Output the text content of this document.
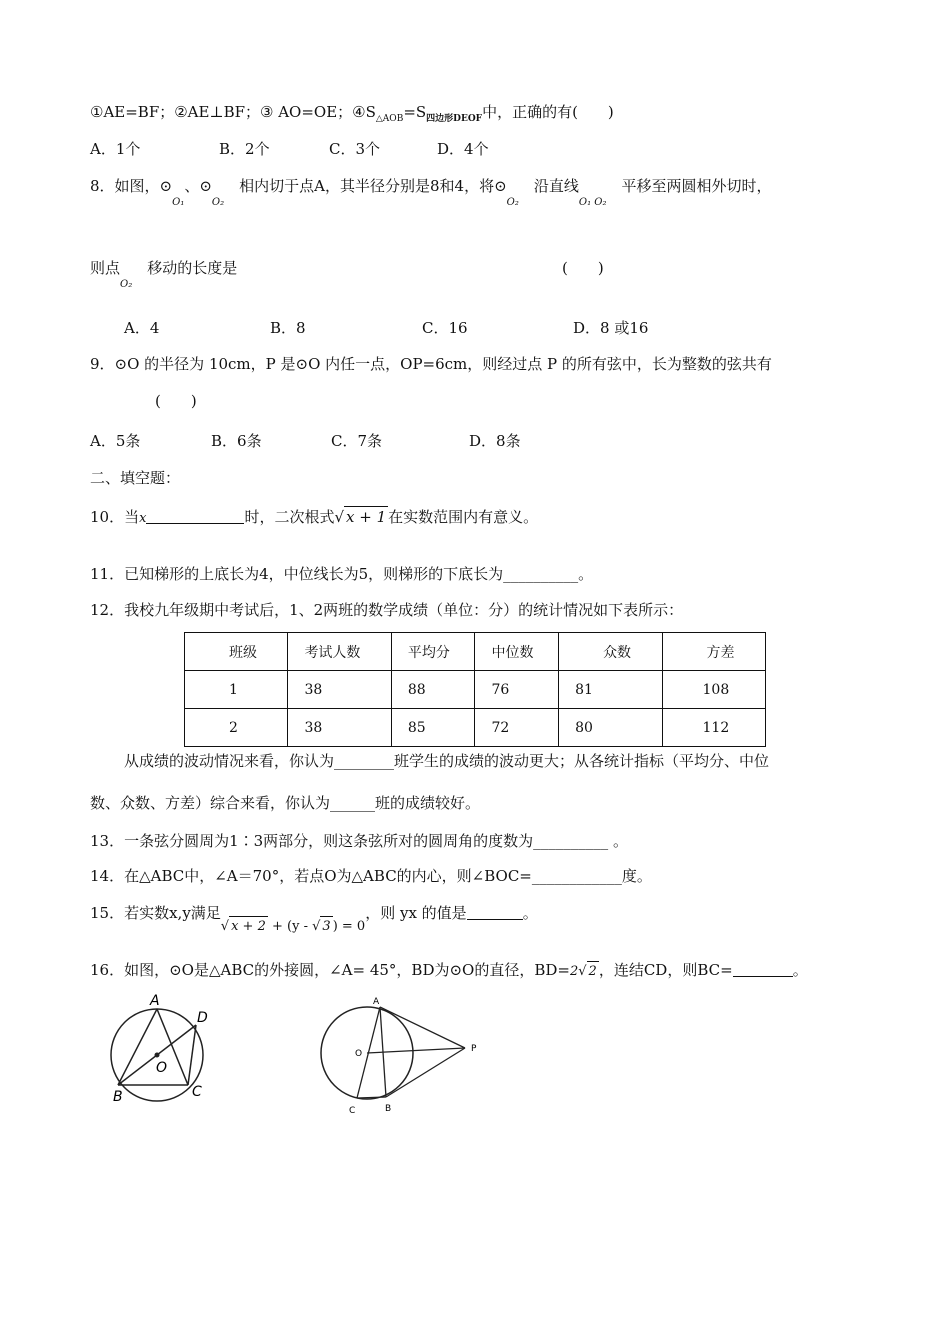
①AE=BF；②AE⊥BF；③ AO=OE；$④S_{\triangle AOB}=S_{四边形DEOF}$中，正确的有(　　)
A．1个	B．2个	C．3个	D．4个
8．如图，$⊙_{O_1}$、$⊙_{O_2}$　相内切于点A，其半径分别是8和4，将$⊙_{O_2}$　沿直线$_{O_1 O_2}$　平移至两圆相外切时，
则点$_{O_2}$　移动的长度是	(　　)
A．4	B．8	C．16	D．8 或16
9．⊙O 的半径为 10cm，P 是⊙O 内任一点，OP=6cm，则经过点 P 的所有弦中，长为整数的弦共有
(　　)
A．5条	B．6条	C．7条	D．8条
二、填空题：
10．当x	时，二次根式√ x + 1 在实数范围内有意义。
11．已知梯形的上底长为4，中位线长为5，则梯形的下底长为__________。
12．我校九年级期中考试后，1、2两班的数学成绩（单位：分）的统计情况如下表所示：
班级	考试人数	平均分	中位数	众数	方差
1	38	88	76	81	108
2	38	85	72	80	112
从成绩的波动情况来看，你认为________班学生的成绩的波动更大；从各统计指标（平均分、中位
数、众数、方差）综合来看，你认为______班的成绩较好。
13．一条弦分圆周为1∶3两部分，则这条弦所对的圆周角的度数为__________ 。
14．在△ABC中，∠A＝70°，若点O为△ABC的内心，则∠BOC=____________度。
15．若实数x,y满足√ x + 2 + (y - √ 3 ) = 0，则 yx 的值是	。
16．如图，⊙O是△ABC的外接圆，∠A= 45°，BD为⊙O的直径，BD=2√ 2 ，连结CD，则BC=	。
A
D
O
B	C
A
O	P
C	B
